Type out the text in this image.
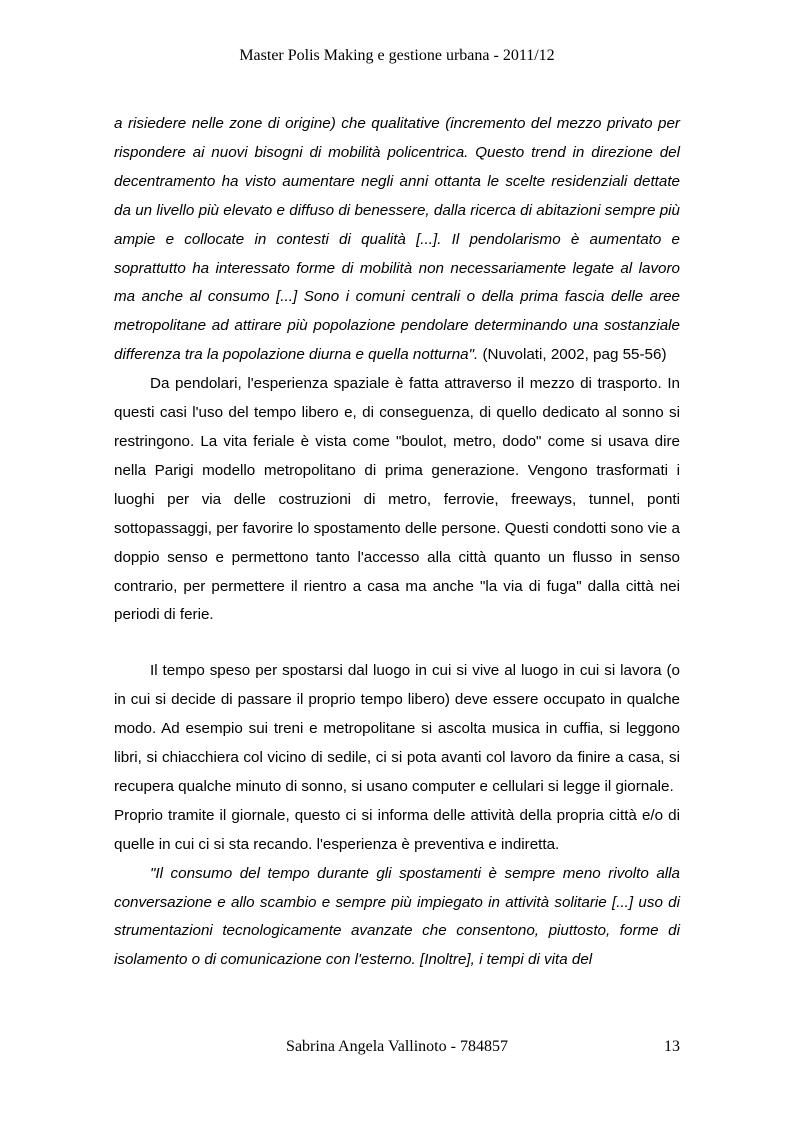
Master Polis Making e gestione urbana - 2011/12

a risiedere nelle zone di origine) che qualitative (incremento del mezzo privato per rispondere ai nuovi bisogni di mobilità policentrica. Questo trend in direzione del decentramento ha visto aumentare negli anni ottanta le scelte residenziali dettate da un livello più elevato e diffuso di benessere, dalla ricerca di abitazioni sempre più ampie e collocate in contesti di qualità [...]. Il pendolarismo è aumentato e soprattutto ha interessato forme di mobilità non necessariamente legate al lavoro ma anche al consumo [...] Sono i comuni centrali o della prima fascia delle aree metropolitane ad attirare più popolazione pendolare determinando una sostanziale differenza tra la popolazione diurna e quella notturna". (Nuvolati, 2002, pag 55-56)

Da pendolari, l'esperienza spaziale è fatta attraverso il mezzo di trasporto. In questi casi l'uso del tempo libero e, di conseguenza, di quello dedicato al sonno si restringono. La vita feriale è vista come "boulot, metro, dodo" come si usava dire nella Parigi modello metropolitano di prima generazione. Vengono trasformati i luoghi per via delle costruzioni di metro, ferrovie, freeways, tunnel, ponti sottopassaggi, per favorire lo spostamento delle persone. Questi condotti sono vie a doppio senso e permettono tanto l'accesso alla città quanto un flusso in senso contrario, per permettere il rientro a casa ma anche "la via di fuga" dalla città nei periodi di ferie.

Il tempo speso per spostarsi dal luogo in cui si vive al luogo in cui si lavora (o in cui si decide di passare il proprio tempo libero) deve essere occupato in qualche modo. Ad esempio sui treni e metropolitane si ascolta musica in cuffia, si leggono libri, si chiacchiera col vicino di sedile, ci si pota avanti col lavoro da finire a casa, si recupera qualche minuto di sonno, si usano computer e cellulari si legge il giornale.

Proprio tramite il giornale, questo ci si informa delle attività della propria città e/o di quelle in cui ci si sta recando. l'esperienza è preventiva e indiretta.

"Il consumo del tempo durante gli spostamenti è sempre meno rivolto alla conversazione e allo scambio e sempre più impiegato in attività solitarie [...] uso di strumentazioni tecnologicamente avanzate che consentono, piuttosto, forme di isolamento o di comunicazione con l'esterno. [Inoltre], i tempi di vita del

Sabrina Angela Vallinoto - 784857	13
